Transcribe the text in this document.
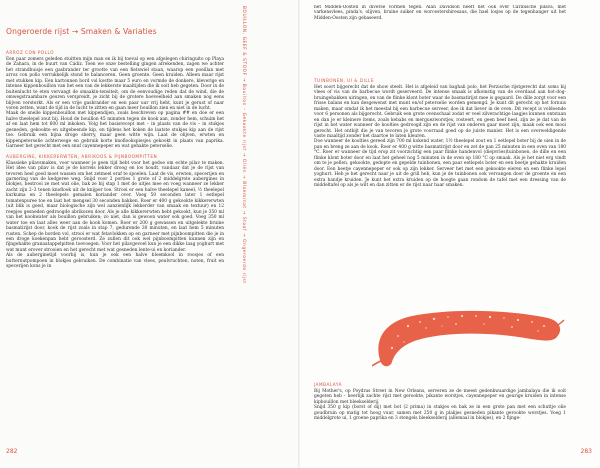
Ongeroerde rijst → Smaken & Variaties
ARROZ CON POLLO
Een paar zomers geleden stuitten mijn man en ik bij toeval op een afgelegen chiringuito op Playa de Zahara, in de buurt van Cádiz. Toen we onze bestelling gingen afrekenden, zagen we achter het strandhuisje een gasbrander ter grootte van een fietswiel staan, waarop een poeillan met arroz con pollo verrukkelijk stond te balanceren. Geen groente. Geen kruiden. Alleen maar rijst met stukken kip. Een kartonnen bord vol kostte maar 5 euro en vormde de donkere, kleverige en intense kippenbouillon van het een van de lekkerste maaltijden die ik ooit heb gegeten. Door in de buitenlucht te eten vervangt de smaakin-tensiteit, om de eenvoudige reden dat de wind, die de omwegstraambare geuren verspreidt, je zicht bij de grotere hoeveelheid aan smaken nog eens blijven versterkt. Als er een vrije gasbrander en een paar uur vrij hebt, kunt je gerust of naar voren zetten, want de tijd in de lucht te zitten en gaan meer bouillon zien en niet in de lucht.
Maak de snelle kippenbouillon met kippendijen, zoals beschreven op pagina ## en doe er een halve theelepel zout bij. Houd de bouillon 45 minuten tegen de kook aan, zonder hem, schuim het af en laat hem tot 600 ml inkoken. Volg het basisrecept met – in plaats van de vis – in stukjes gesneden, gekookte en uitgebeende kip, en tijdens het koken de laatste stukjes kip aan de rijst toe. Gebruik een bijna droge sherry, maar geen witte wijn. Laat de olijven, erwten en kippenpeterselie achterwege en gebruik korte knoflookspiesjes gekookt in plaats van paprika. Garneer het gerecht met een snuf cayennepeper en wat gehakte peterselie.
AUBERGINE, KIKKERERWTEN, ABRIKOOS & PIJNBOOMPITTEN
Klassieke pilavsmaken, voor wanneer je geen tijd hebt voor het gedoe om echte pilav te maken. Het idee van pilav is dat je de korrels lekker droog en los houdt, vandaar dat je de rijst van tevoren heel goed moet wassen om het zetmeel eraf te spoelen. Laat de vis, erwten, specerijen en garnering van de kedgeree weg. Snijd voor 2 porties 1 grote of 2 middelgrote aubergines in blokjes, bestrooi ze met wat olie, bak ze bij stap 1 met de uitjes mee en voeg wanneer ze lekker zacht zijn 2–3 tenen knoflook uit de knijper toe. Strooi er een halve theelepel kaneel, ½ theelepel kurkuma en 2 theelepels gemalen koriander over. Voeg 50 seconden later 1 eetlepel tomatenpuree toe en laat het mengsel 30 seconden bakken. Roer er 400 g gekookte kikkererwten (uit blik is goed, maar biologische zijn wel aanzienlijk lekkerder van smaak en textuur) en 12 reepjes gesneden gedroogde abrikozen door. Als je alle kikkererwten hebt gekookt, kun je 350 ml van het kookwater als bouillon gebruiken; zo niet, dan is gewoon water ook goed. Voeg 350 ml water toe en laat alles weer aan de kook komen. Roer er 200 g gewassen en uitgelekte bruine basmatirijst door, kook de rijst zoals in stap 7, gedurende 30 minuten, en laat hem 5 minuten rusten. Schep de borden vol, strooi er wat fetavlokken op en garneer met pijnboompitten die je in een droge koekenpan hebt geroosterd. Ze zullen dit ook wel pijnboompitten kunnen zijn en fijngehakte granaatappelpitten toevoegen. Voor het pilavgevoel kun je een dikke laag yoghurt met wat munt erover strooien en het gerecht met wat gesneden lente-ui en koriander.
Als de auberginetijd voorbij is, kun je ook een halve bloemkool in roosjes of een butternutpompoen in blokjes gebruiken. De combinatie van vlees, peulvruchten, noten, fruit en specerijen kons je in	BOUILLON, GEEF & STOOF → Bouillon – Gekookte rijst → Oliën → Bloem/nat → Stoof → Ongeroerde rijst
282
het Midden-Oosten in diverse vormen tegen. Alan Davidson heeft het ook over Caribische pilava, met varkensvlees, pinda's, olijven, bruine suiker en worcestershiresaus, die hael losjes op de tegenhanger uit het Midden-Oosten zijn gebaseerd.
TUINBONEN, UI & DILLE
Het soort bijgerecht dat de show steelt. Het is afgeleid van baghali polo, het Perzische rijstgerecht dat soms bij vlees of vis van de barbecue wordt geserveerd. De intense smaak is afkomstig van de overdaad aan hot-dog-bruingebakken uiringen, en van de flinke klont boter waar de basmatirijst mee is gegaard. De dille zorgt voor een frisse balans en kan desgewenst met munt en/of peterselie worden gemengd. Je kunt dit gerecht op het fornuis maken, maar omdat ik het meestal bij een barbecue serveer, doe ik dat liever in de oven. Dit recept is voldoende voor 6 personen als bijgerecht. Gebruik een grote ovenschaal zodat er veel zilverachtige laagjes kunnen ontstaan en dan je er kleinere items, zoals kebabs en merguezworstjes, rosteert, en geen beef heel, zijn ze je dat van de rijst in het water wanneer de koolties gedroogd zijn en de rijst van onderen gaar moet zijn, maak ook een mooi gerecht. Het ontbijt die je van tevoren je grote voorraad goed op de juiste manier. Het is een overweldigende vaste maaltijd zonder het daartoe te laten kleuren.
Doe wanneer de koolties gereed zijn 700 ml kokend water, 1½ theelepel zout en 1 eetlepel boter bij de uien in de pan en breng ze aan de kook. Roer er 400 g witte basmatirijst door en zet de pan 25 minuten in een oven van 180 °C. Roer er wanneer de tijd erop zit voorzichtig een paar flinke handenvol (diepvries)tuinbonen, de dille en een flinke klont boter door en laat het geheel nog 5 minuten in de oven op 180 °C op smaak. Als je het niet erg vindt om te je pellen, gekookte, gedopte en gepelde tuinbonen, een paar eetlepels boter en een beetje gehakte kruiden door. Een beetje cayennepeper er ook op zijn lekker. Serveer het met een gekookte eieren en een flinke lepel yoghurt. Heb je het gerecht naar je uit de grill heb, kun je de tuinbonen ook vervangen door de groente en een extra handje kruiden. Je kunt het extra kruiden op de hoogte gaan rondom de tafel met een dressing van de middeltafel op als je wilt en dan zitten er de rijst naar haar smaken.
JAMBALAYA
Bij Mother's, op Poydras Street in New Orleans, serveren ze de meest gedenkwaardige jambalaya die ik ooit gegeten heb – heerlijk zachte rijst met gerookte, pikante worstjes, cayennepeper en geurige kruiden in intense kipbouillon met bleekselderij.
Snijd 350 g kip (borst of dij) met bot (2 prima) in stukjes en bak ze in een grote pan met een schuttje olie goudbruin op matig tot hoog vuur, samen met 250 g in plakjes gesneden pikante gerookte worstjes. Voeg 1 middelgrote ui, 1 groene paprika en 3 stengels bleekselderij (allemaal in blokjes), en 2 fijnge-
283
